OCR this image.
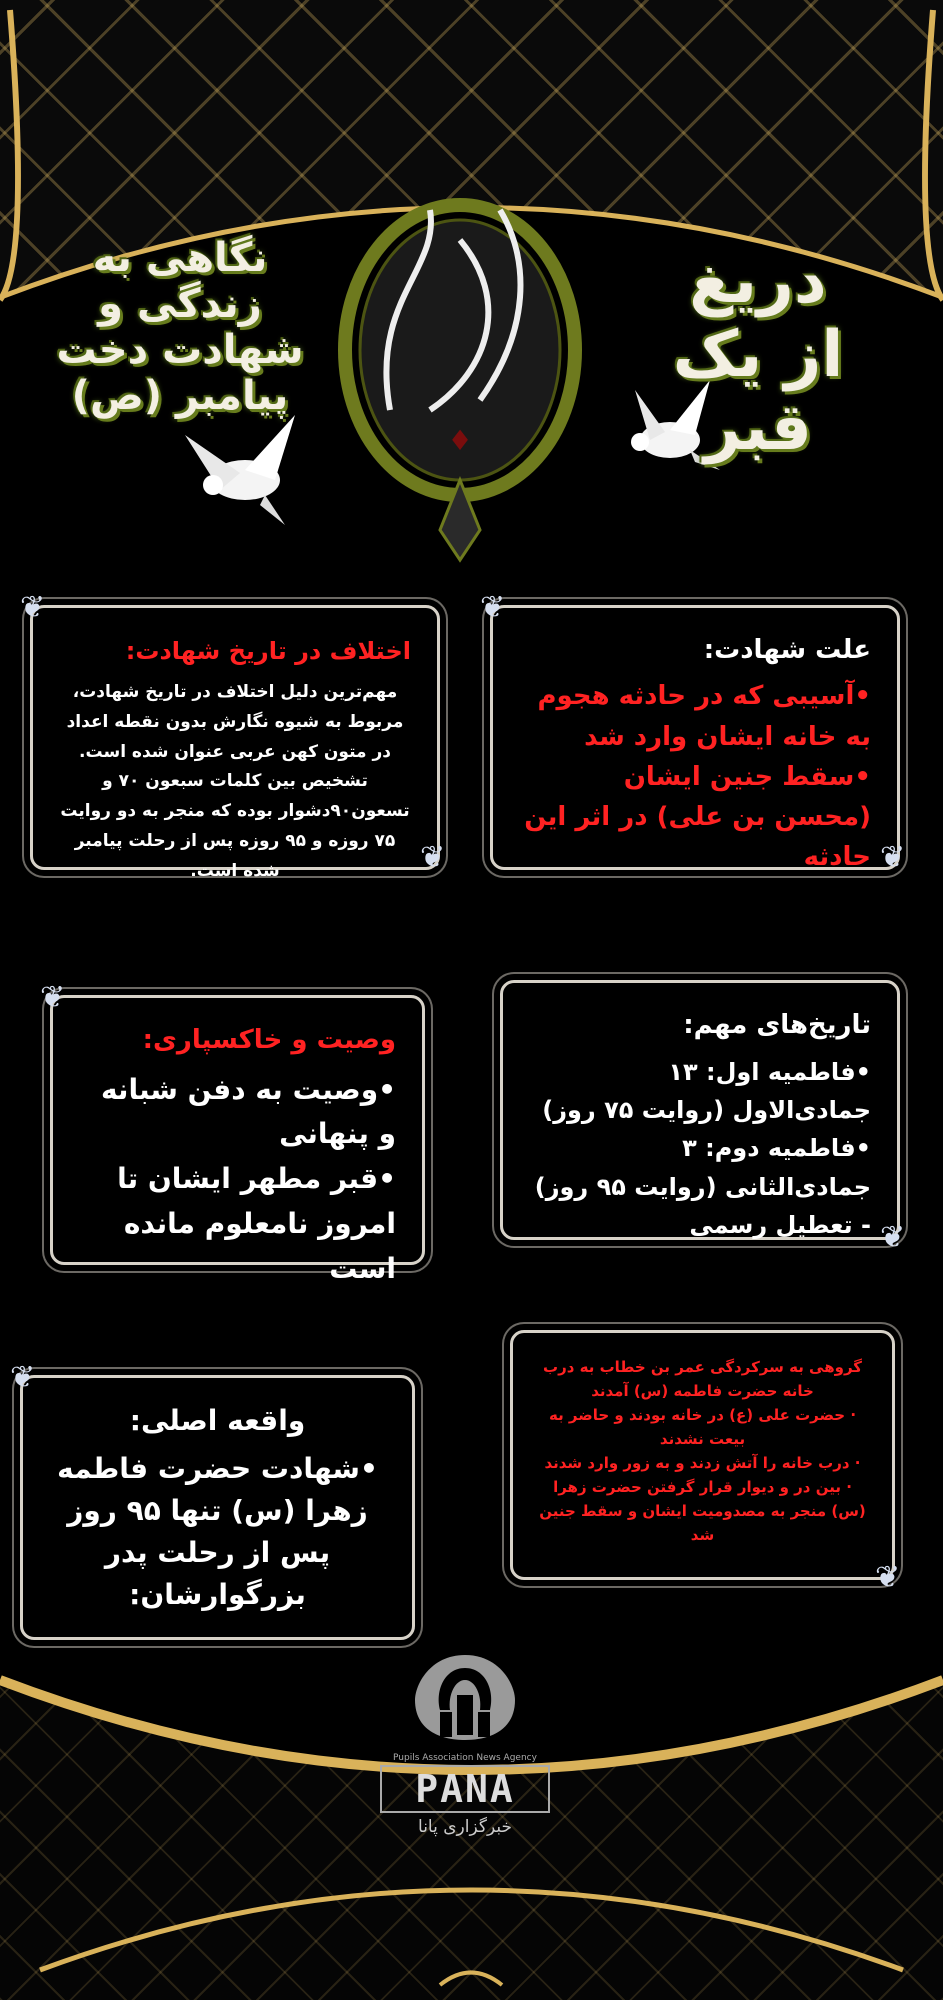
♦
دریغ از یک قبر
نگاهی به زندگی و شهادت دخت پیامبر (ص)
علت شهادت:

•آسیبی که در حادثه هجوم به خانه ایشان وارد شد

•سقط جنین ایشان (محسن بن علی) در اثر این حادثه

اختلاف در تاریخ شهادت:

مهم‌ترین دلیل اختلاف در تاریخ شهادت، مربوط به شیوه نگارش بدون نقطه اعداد در متون کهن عربی عنوان شده است. تشخیص بین کلمات سبعون ۷۰ و تسعون۹۰دشوار بوده که منجر به دو روایت ۷۵ روزه و ۹۵ روزه پس از رحلت پیامبر شده است.

تاریخ‌های مهم:

•فاطمیه اول: ۱۳ جمادی‌الاول (روایت ۷۵ روز)

•فاطمیه دوم: ۳ جمادی‌الثانی (روایت ۹۵ روز) - تعطیل رسمی

وصیت و خاکسپاری:

•وصیت به دفن شبانه و پنهانی

•قبر مطهر ایشان تا امروز نامعلوم مانده است

گروهی به سرکردگی عمر بن خطاب به درب خانه حضرت فاطمه (س) آمدند

· حضرت علی (ع) در خانه بودند و حاضر به بیعت نشدند

· درب خانه را آتش زدند و به زور وارد شدند

· بین در و دیوار قرار گرفتن حضرت زهرا (س) منجر به مصدومیت ایشان و سقط جنین شد

واقعه اصلی:

•شهادت حضرت فاطمه زهرا (س) تنها ۹۵ روز پس از رحلت پدر بزرگوارشان:

❦
❦
❦
❦
❦
❦
❦
❦
Pupils Association News Agency
PANA
خبرگزاری پانا
